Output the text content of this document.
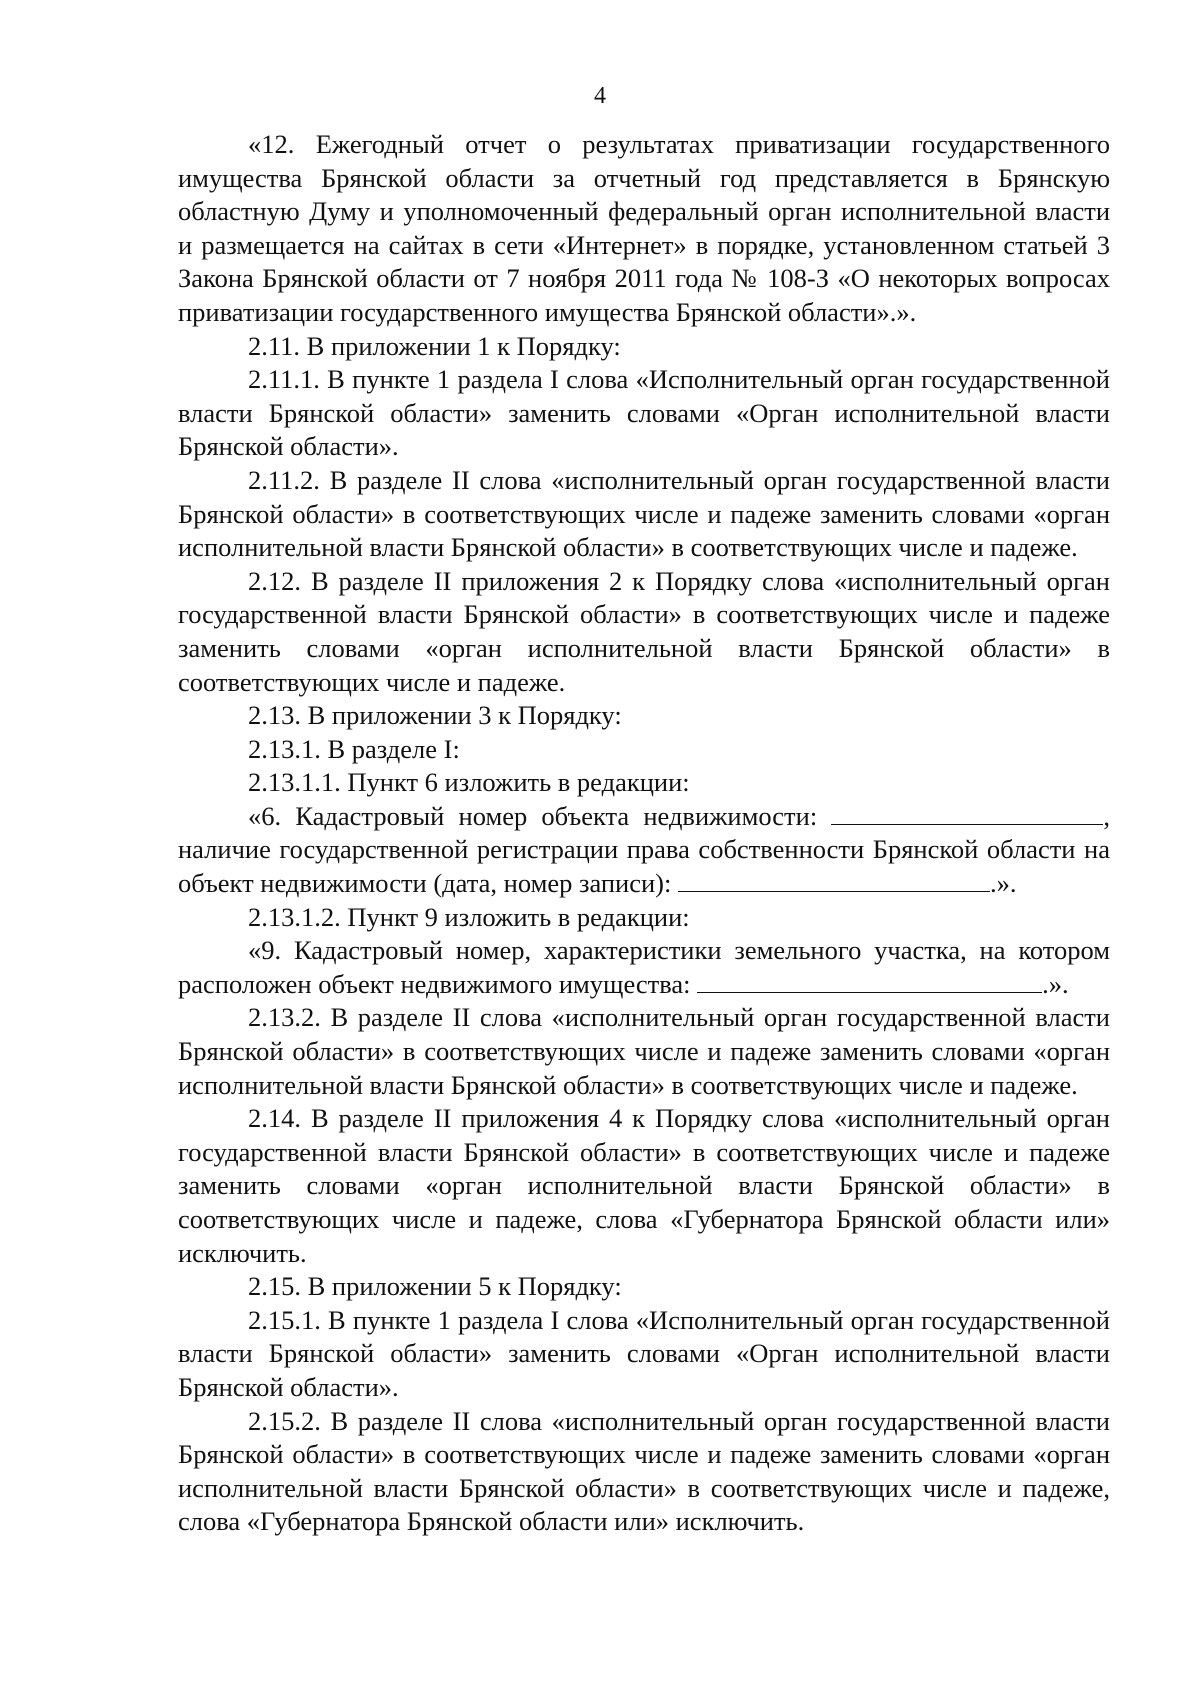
4

«12. Ежегодный отчет о результатах приватизации государственного имущества Брянской области за отчетный год представляется в Брянскую областную Думу и уполномоченный федеральный орган исполнительной власти и размещается на сайтах в сети «Интернет» в порядке, установленном статьей 3 Закона Брянской области от 7 ноября 2011 года № 108-З «О некоторых вопросах приватизации государственного имущества Брянской области».».

2.11. В приложении 1 к Порядку:

2.11.1. В пункте 1 раздела I слова «Исполнительный орган государственной власти Брянской области» заменить словами «Орган исполнительной власти Брянской области».

2.11.2. В разделе II слова «исполнительный орган государственной власти Брянской области» в соответствующих числе и падеже заменить словами «орган исполнительной власти Брянской области» в соответствующих числе и падеже.

2.12. В разделе II приложения 2 к Порядку слова «исполнительный орган государственной власти Брянской области» в соответствующих числе и падеже заменить словами «орган исполнительной власти Брянской области» в соответствующих числе и падеже.

2.13. В приложении 3 к Порядку:

2.13.1. В разделе I:

2.13.1.1. Пункт 6 изложить в редакции:

«6. Кадастровый номер объекта недвижимости:	, наличие государственной регистрации права собственности Брянской области на объект недвижимости (дата, номер записи):	.».

2.13.1.2. Пункт 9 изложить в редакции:

«9. Кадастровый номер, характеристики земельного участка, на котором расположен объект недвижимого имущества:	.».

2.13.2. В разделе II слова «исполнительный орган государственной власти Брянской области» в соответствующих числе и падеже заменить словами «орган исполнительной власти Брянской области» в соответствующих числе и падеже.

2.14. В разделе II приложения 4 к Порядку слова «исполнительный орган государственной власти Брянской области» в соответствующих числе и падеже заменить словами «орган исполнительной власти Брянской области» в соответствующих числе и падеже, слова «Губернатора Брянской области или» исключить.

2.15. В приложении 5 к Порядку:

2.15.1. В пункте 1 раздела I слова «Исполнительный орган государственной власти Брянской области» заменить словами «Орган исполнительной власти Брянской области».

2.15.2. В разделе II слова «исполнительный орган государственной власти Брянской области» в соответствующих числе и падеже заменить словами «орган исполнительной власти Брянской области» в соответствующих числе и падеже, слова «Губернатора Брянской области или» исключить.
